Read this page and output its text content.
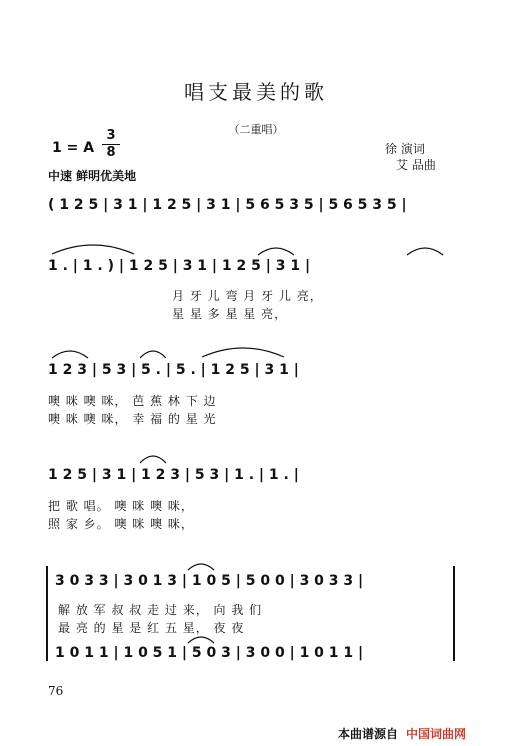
唱支最美的歌
（二重唱）
1 = A
3
8	徐 演词
艾 品曲
中速 鲜明优美地
( 1 2 5 | 3 1 | 1 2 5 | 3 1 | 5 6 5 3 5 | 5 6 5 3 5 |
1 . | 1 . ) | 1 2 5 | 3 1 | 1 2 5 | 3 1 |
月 牙 儿 弯 月 牙 儿 亮，
星 星 多 星 星 亮，
1 2 3 | 5 3 | 5 . | 5 . | 1 2 5 | 3 1 |
噢 咪 噢 咪， 芭 蕉 林 下 边
噢 咪 噢 咪， 幸 福 的 星 光
1 2 5 | 3 1 | 1 2 3 | 5 3 | 1 . | 1 . |
把 歌 唱。 噢 咪 噢 咪，
照 家 乡。 噢 咪 噢 咪，
3 0 3 3 | 3 0 1 3 | 1 0 5 | 5 0 0 | 3 0 3 3 |
解 放 军 叔 叔 走 过 来， 向 我 们
最 亮 的 星 是 红 五 星， 夜 夜
1 0 1 1 | 1 0 5 1 | 5 0 3 | 3 0 0 | 1 0 1 1 |
76
本曲谱源自 中国词曲网
